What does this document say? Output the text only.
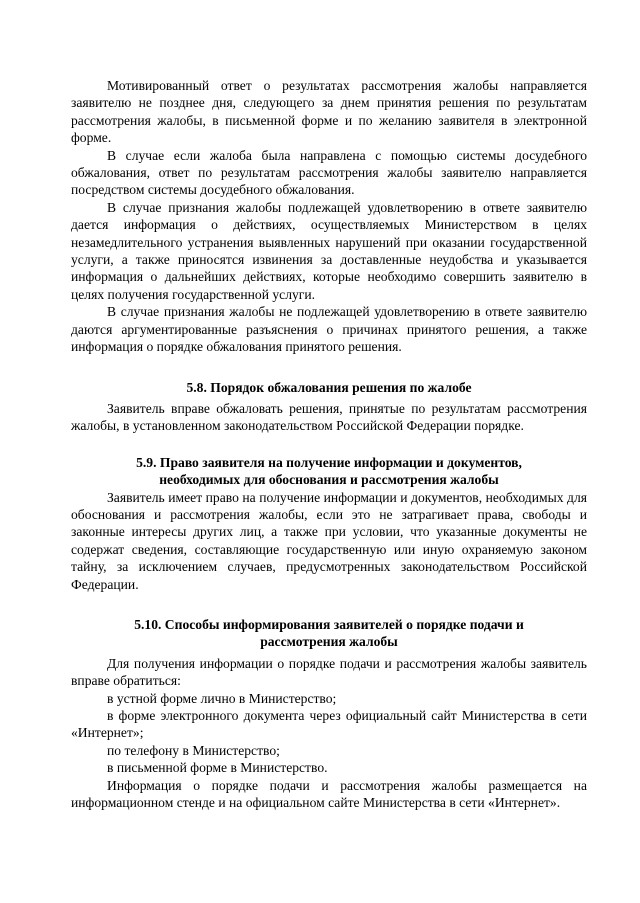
Мотивированный ответ о результатах рассмотрения жалобы направляется заявителю не позднее дня, следующего за днем принятия решения по результатам рассмотрения жалобы, в письменной форме и по желанию заявителя в электронной форме.

В случае если жалоба была направлена с помощью системы досудебного обжалования, ответ по результатам рассмотрения жалобы заявителю направляется посредством системы досудебного обжалования.

В случае признания жалобы подлежащей удовлетворению в ответе заявителю дается информация о действиях, осуществляемых Министерством в целях незамедлительного устранения выявленных нарушений при оказании государственной услуги, а также приносятся извинения за доставленные неудобства и указывается информация о дальнейших действиях, которые необходимо совершить заявителю в целях получения государственной услуги.

В случае признания жалобы не подлежащей удовлетворению в ответе заявителю даются аргументированные разъяснения о причинах принятого решения, а также информация о порядке обжалования принятого решения.

5.8. Порядок обжалования решения по жалобе

Заявитель вправе обжаловать решения, принятые по результатам рассмотрения жалобы, в установленном законодательством Российской Федерации порядке.

5.9. Право заявителя на получение информации и документов,

необходимых для обоснования и рассмотрения жалобы

Заявитель имеет право на получение информации и документов, необходимых для обоснования и рассмотрения жалобы, если это не затрагивает права, свободы и законные интересы других лиц, а также при условии, что указанные документы не содержат сведения, составляющие государственную или иную охраняемую законом тайну, за исключением случаев, предусмотренных законодательством Российской Федерации.

5.10. Способы информирования заявителей о порядке подачи и

рассмотрения жалобы

Для получения информации о порядке подачи и рассмотрения жалобы заявитель вправе обратиться:

в устной форме лично в Министерство;

в форме электронного документа через официальный сайт Министерства в сети «Интернет»;

по телефону в Министерство;

в письменной форме в Министерство.

Информация о порядке подачи и рассмотрения жалобы размещается на информационном стенде и на официальном сайте Министерства в сети «Интернет».
